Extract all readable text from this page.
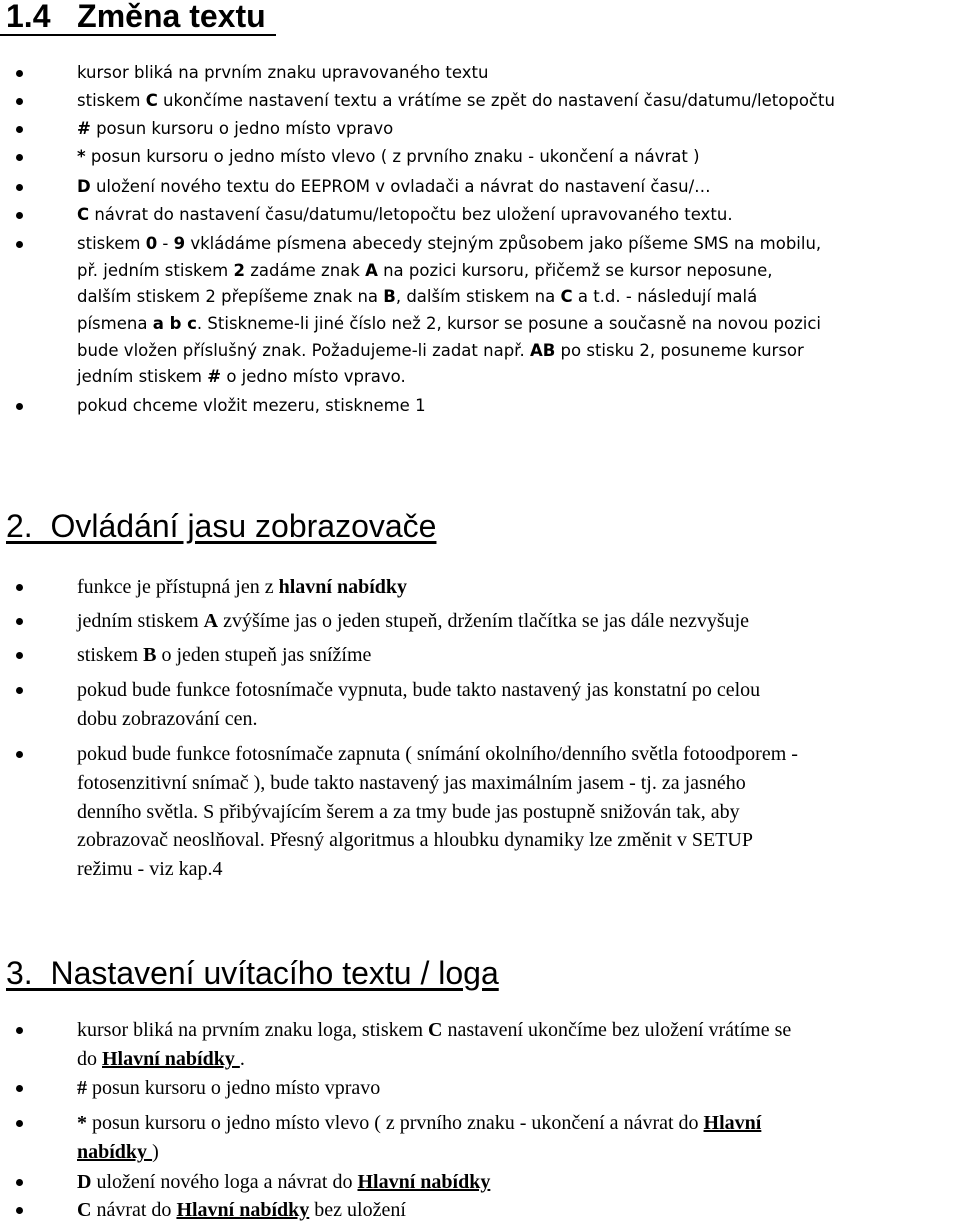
1.4   Změna textu
kursor bliká na prvním znaku upravovaného textu
stiskem C ukončíme nastavení textu a vrátíme se zpět do nastavení času/datumu/letopočtu
# posun kursoru o jedno místo vpravo
* posun kursoru o jedno místo vlevo ( z prvního znaku - ukončení a návrat )
D uložení nového textu do EEPROM v ovladači a návrat do nastavení času/…
C návrat do nastavení času/datumu/letopočtu bez uložení upravovaného textu.
stiskem 0 - 9 vkládáme písmena abecedy stejným způsobem jako píšeme SMS na mobilu,
př. jedním stiskem 2 zadáme znak A na pozici kursoru, přičemž se kursor neposune,
dalším stiskem 2 přepíšeme znak na B, dalším stiskem na C a t.d. - následují malá
písmena a b c. Stiskneme-li jiné číslo než 2, kursor se posune a současně na novou pozici
bude vložen příslušný znak. Požadujeme-li zadat např. AB po stisku 2, posuneme kursor
jedním stiskem # o jedno místo vpravo.
pokud chceme vložit mezeru, stiskneme 1
2.  Ovládání jasu zobrazovače
funkce je přístupná jen z hlavní nabídky
jedním stiskem A zvýšíme jas o jeden stupeň, držením tlačítka se jas dále nezvyšuje
stiskem B o jeden stupeň jas snížíme
pokud bude funkce fotosnímače vypnuta, bude takto nastavený jas konstatní po celou
dobu zobrazování cen.
pokud bude funkce fotosnímače zapnuta ( snímání okolního/denního světla fotoodporem -
fotosenzitivní snímač ), bude takto nastavený jas maximálním jasem - tj. za jasného
denního světla. S přibývajícím šerem a za tmy bude jas postupně snižován tak, aby
zobrazovač neoslňoval. Přesný algoritmus a hloubku dynamiky lze změnit v SETUP
režimu - viz kap.4
3.  Nastavení uvítacího textu / loga
kursor bliká na prvním znaku loga, stiskem C nastavení ukončíme bez uložení vrátíme se
do Hlavní nabídky .
# posun kursoru o jedno místo vpravo
* posun kursoru o jedno místo vlevo ( z prvního znaku - ukončení a návrat do Hlavní
nabídky )
D uložení nového loga a návrat do Hlavní nabídky
C návrat do Hlavní nabídky bez uložení
